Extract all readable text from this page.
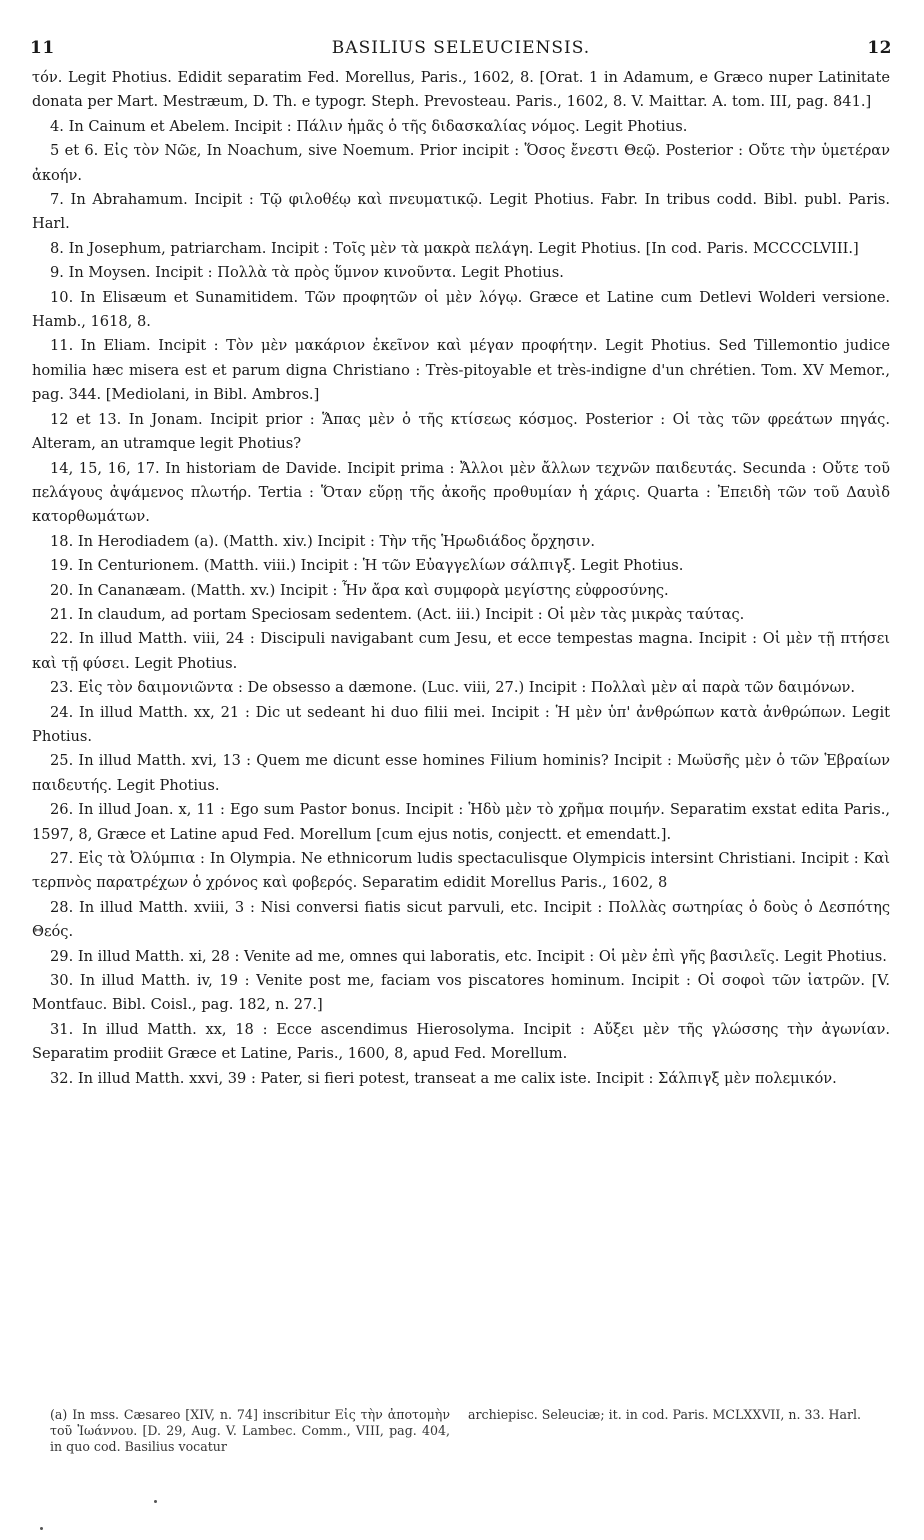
11	BASILIUS SELEUCIENSIS.	12

τόν. Legit Photius. Edidit separatim Fed. Morellus, Paris., 1602, 8. [Orat. 1 in Adamum, e Græco nuper Latinitate donata per Mart. Mestræum, D. Th. e typogr. Steph. Prevosteau. Paris., 1602, 8. V. Maittar. A. tom. III, pag. 841.]

4. In Cainum et Abelem. Incipit : Πάλιν ἡμᾶς ὁ τῆς διδασκαλίας νόμος. Legit Photius.

5 et 6. Εἰς τὸν Νῶε, In Noachum, sive Noemum. Prior incipit : Ὅσος ἔνεστι Θεῷ. Posterior : Οὔτε τὴν ὑμετέραν ἀκοήν.

7. In Abrahamum. Incipit : Τῷ φιλοθέῳ καὶ πνευματικῷ. Legit Photius. Fabr. In tribus codd. Bibl. publ. Paris. Harl.

8. In Josephum, patriarcham. Incipit : Τοῖς μὲν τὰ μακρὰ πελάγη. Legit Photius. [In cod. Paris. MCCCCLVIII.]

9. In Moysen. Incipit : Πολλὰ τὰ πρὸς ὕμνον κινοῦντα. Legit Photius.

10. In Elisæum et Sunamitidem. Τῶν προφητῶν οἱ μὲν λόγῳ. Græce et Latine cum Detlevi Wolderi versione. Hamb., 1618, 8.

11. In Eliam. Incipit : Τὸν μὲν μακάριον ἐκεῖνον καὶ μέγαν προφήτην. Legit Photius. Sed Tillemontio judice homilia hæc misera est et parum digna Christiano : Très-pitoyable et très-indigne d'un chrétien. Tom. XV Memor., pag. 344. [Mediolani, in Bibl. Ambros.]

12 et 13. In Jonam. Incipit prior : Ἅπας μὲν ὁ τῆς κτίσεως κόσμος. Posterior : Οἱ τὰς τῶν φρεάτων πηγάς. Alteram, an utramque legit Photius?

14, 15, 16, 17. In historiam de Davide. Incipit prima : Ἄλλοι μὲν ἄλλων τεχνῶν παιδευτάς. Secunda : Οὔτε τοῦ πελάγους ἀψάμενος πλωτήρ. Tertia : Ὅταν εὕρῃ τῆς ἀκοῆς προθυμίαν ἡ χάρις. Quarta : Ἐπειδὴ τῶν τοῦ Δαυὶδ κατορθωμάτων.

18. In Herodiadem (a). (Matth. xiv.) Incipit : Τὴν τῆς Ἡρωδιάδος ὄρχησιν.

19. In Centurionem. (Matth. viii.) Incipit : Ἡ τῶν Εὐαγγελίων σάλπιγξ. Legit Photius.

20. In Cananæam. (Matth. xv.) Incipit : Ἦν ἄρα καὶ συμφορὰ μεγίστης εὐφροσύνης.

21. In claudum, ad portam Speciosam sedentem. (Act. iii.) Incipit : Οἱ μὲν τὰς μικρὰς ταύτας.

22. In illud Matth. viii, 24 : Discipuli navigabant cum Jesu, et ecce tempestas magna. Incipit : Οἱ μὲν τῇ πτήσει καὶ τῇ φύσει. Legit Photius.

23. Εἰς τὸν δαιμονιῶντα : De obsesso a dæmone. (Luc. viii, 27.) Incipit : Πολλαὶ μὲν αἱ παρὰ τῶν δαιμόνων.

24. In illud Matth. xx, 21 : Dic ut sedeant hi duo filii mei. Incipit : Ἡ μὲν ὑπ' ἀνθρώπων κατὰ ἀνθρώπων. Legit Photius.

25. In illud Matth. xvi, 13 : Quem me dicunt esse homines Filium hominis? Incipit : Μωϋσῆς μὲν ὁ τῶν Ἑβραίων παιδευτής. Legit Photius.

26. In illud Joan. x, 11 : Ego sum Pastor bonus. Incipit : Ἡδὺ μὲν τὸ χρῆμα ποιμήν. Separatim exstat edita Paris., 1597, 8, Græce et Latine apud Fed. Morellum [cum ejus notis, conjectt. et emendatt.].

27. Εἰς τὰ Ὀλύμπια : In Olympia. Ne ethnicorum ludis spectaculisque Olympicis intersint Christiani. Incipit : Καὶ τερπνὸς παρατρέχων ὁ χρόνος καὶ φοβερός. Separatim edidit Morellus Paris., 1602, 8

28. In illud Matth. xviii, 3 : Nisi conversi fiatis sicut parvuli, etc. Incipit : Πολλὰς σωτηρίας ὁ δοὺς ὁ Δεσπότης Θεός.

29. In illud Matth. xi, 28 : Venite ad me, omnes qui laboratis, etc. Incipit : Οἱ μὲν ἐπὶ γῆς βασιλεῖς. Legit Photius.

30. In illud Matth. iv, 19 : Venite post me, faciam vos piscatores hominum. Incipit : Οἱ σοφοὶ τῶν ἰατρῶν. [V. Montfauc. Bibl. Coisl., pag. 182, n. 27.]

31. In illud Matth. xx, 18 : Ecce ascendimus Hierosolyma. Incipit : Αὔξει μὲν τῆς γλώσσης τὴν ἀγωνίαν. Separatim prodiit Græce et Latine, Paris., 1600, 8, apud Fed. Morellum.

32. In illud Matth. xxvi, 39 : Pater, si fieri potest, transeat a me calix iste. Incipit : Σάλπιγξ μὲν πολεμικόν.

(a) In mss. Cæsareo [XIV, n. 74] inscribitur Εἰς τὴν ἀποτομὴν τοῦ Ἰωάννου. [D. 29, Aug. V. Lambec. Comm., VIII, pag. 404, in quo cod. Basilius vocatur

archiepisc. Seleuciæ; it. in cod. Paris. MCLXXVII, n. 33. Harl.
